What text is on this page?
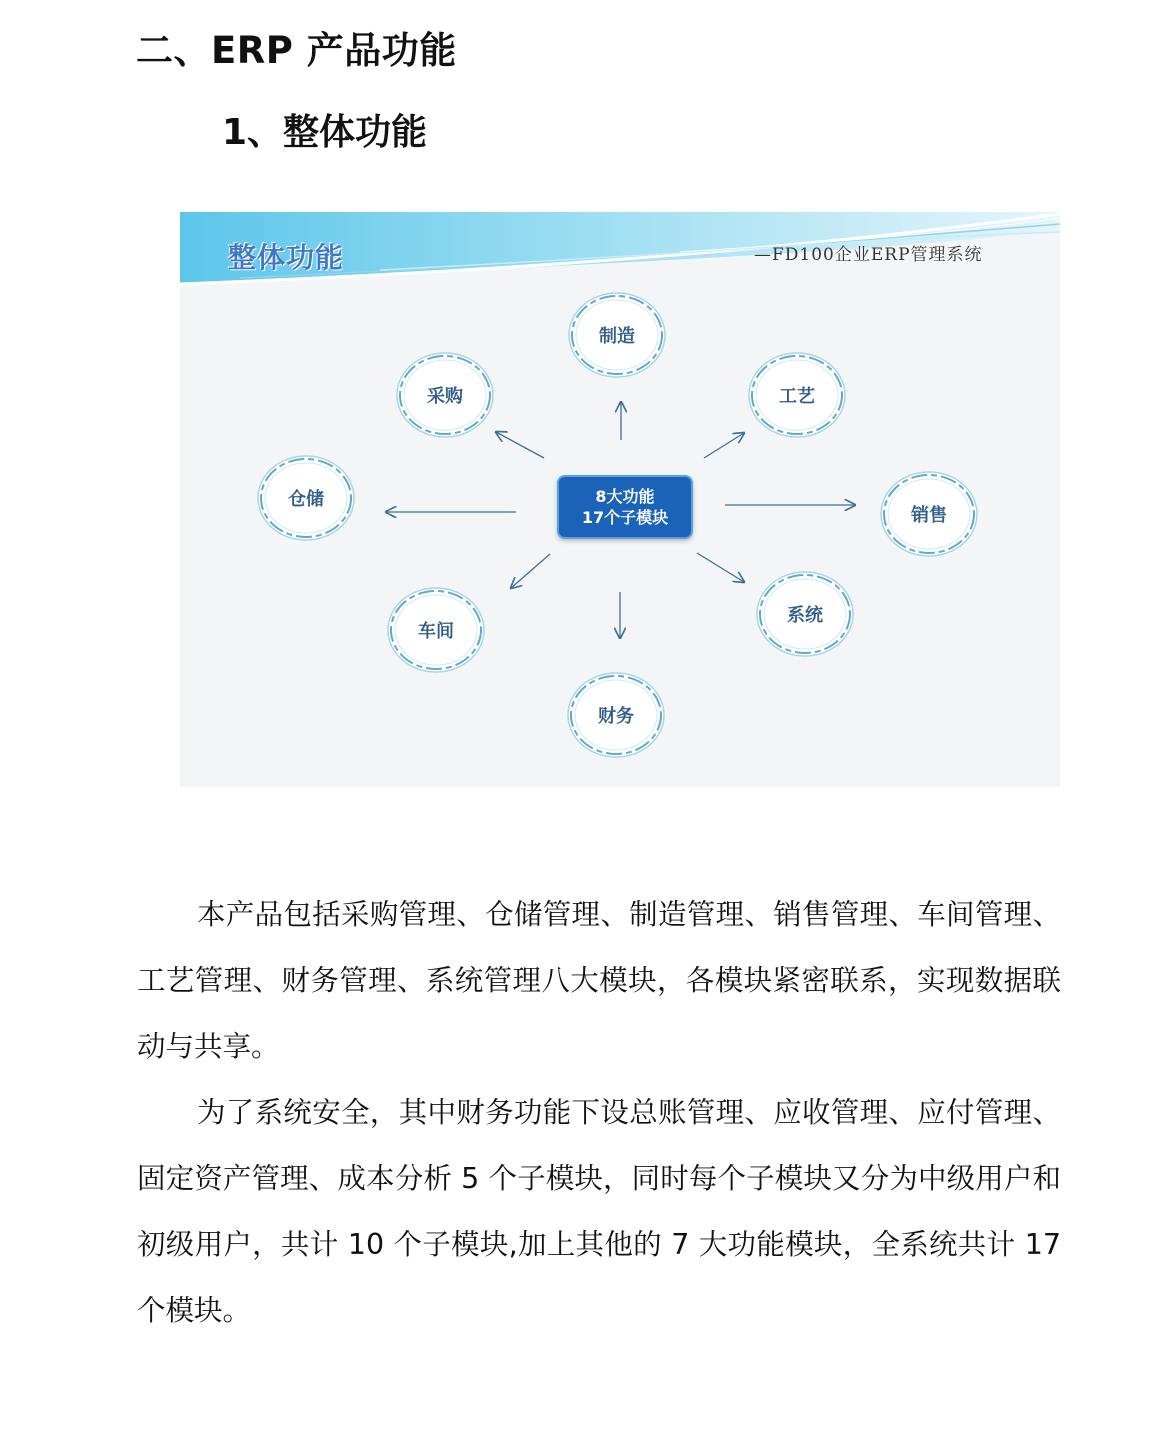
二、ERP 产品功能
1、整体功能
整体功能	—FD100企业ERP管理系统
制造
工艺
采购
仓储
销售
车间
系统
财务
8大功能
17个子模块

本产品包括采购管理、仓储管理、制造管理、销售管理、车间管理、工艺管理、财务管理、系统管理八大模块，各模块紧密联系，实现数据联动与共享。

为了系统安全，其中财务功能下设总账管理、应收管理、应付管理、固定资产管理、成本分析 5 个子模块，同时每个子模块又分为中级用户和初级用户，共计 10 个子模块,加上其他的 7 大功能模块，全系统共计 17 个模块。
